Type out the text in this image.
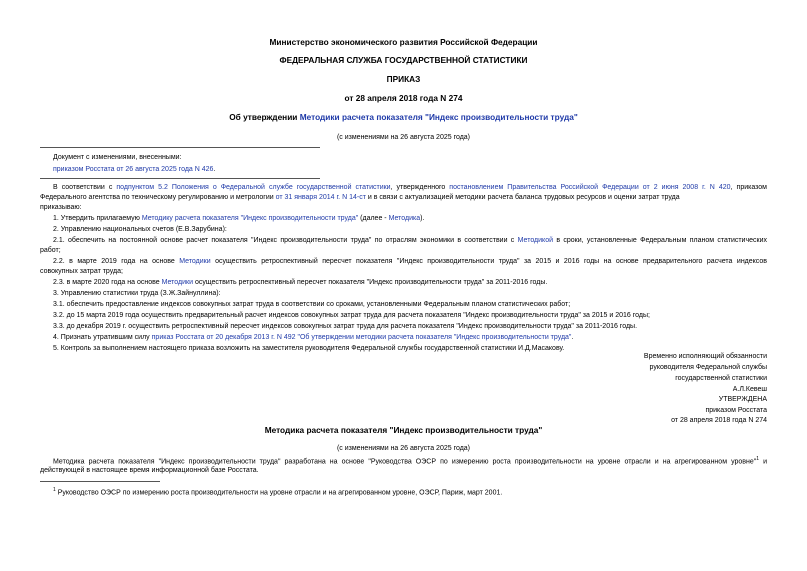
Министерство экономического развития Российской Федерации
ФЕДЕРАЛЬНАЯ СЛУЖБА ГОСУДАРСТВЕННОЙ СТАТИСТИКИ
ПРИКАЗ
от 28 апреля 2018 года N 274
Об утверждении Методики расчета показателя "Индекс производительности труда"
(с изменениями на 26 августа 2025 года)
Документ с изменениями, внесенными:
приказом Росстата от 26 августа 2025 года N 426.
В соответствии с подпунктом 5.2 Положения о Федеральной службе государственной статистики, утвержденного постановлением Правительства Российской Федерации от 2 июня 2008 г. N 420, приказом
Федерального агентства по техническому регулированию и метрологии от 31 января 2014 г. N 14-ст и в связи с актуализацией методики расчета баланса трудовых ресурсов и оценки затрат труда
приказываю:
1. Утвердить прилагаемую Методику расчета показателя "Индекс производительности труда" (далее - Методика).
2. Управлению национальных счетов (Е.В.Зарубина):
2.1. обеспечить на постоянной основе расчет показателя "Индекс производительности труда" по отраслям экономики в соответствии с Методикой в сроки, установленные Федеральным планом статистических
работ;
2.2. в марте 2019 года на основе Методики осуществить ретроспективный пересчет показателя "Индекс производительности труда" за 2015 и 2016 годы на основе предварительного расчета индексов
совокупных затрат труда;
2.3. в марте 2020 года на основе Методики осуществить ретроспективный пересчет показателя "Индекс производительности труда" за 2011-2016 годы.
3. Управлению статистики труда (З.Ж.Зайнуллина):
3.1. обеспечить предоставление индексов совокупных затрат труда в соответствии со сроками, установленными Федеральным планом статистических работ;
3.2. до 15 марта 2019 года осуществить предварительный расчет индексов совокупных затрат труда для расчета показателя "Индекс производительности труда" за 2015 и 2016 годы;
3.3. до декабря 2019 г. осуществить ретроспективный пересчет индексов совокупных затрат труда для расчета показателя "Индекс производительности труда" за 2011-2016 годы.
4. Признать утратившим силу приказ Росстата от 20 декабря 2013 г. N 492 "Об утверждении методики расчета показателя "Индекс производительности труда".
5. Контроль за выполнением настоящего приказа возложить на заместителя руководителя Федеральной службы государственной статистики И.Д.Масакову.
Временно исполняющий обязанности
руководителя Федеральной службы
государственной статистики
А.Л.Кевеш
УТВЕРЖДЕНА
приказом Росстата
от 28 апреля 2018 года N 274
Методика расчета показателя "Индекс производительности труда"
(с изменениями на 26 августа 2025 года)
Методика расчета показателя "Индекс производительности труда" разработана на основе "Руководства ОЭСР по измерению роста производительности на уровне отрасли и на агрегированном уровне"$^1$ и
действующей в настоящее время информационной базе Росстата.
$^1$ Руководство ОЭСР по измерению роста производительности на уровне отрасли и на агрегированном уровне, ОЭСР, Париж, март 2001.
